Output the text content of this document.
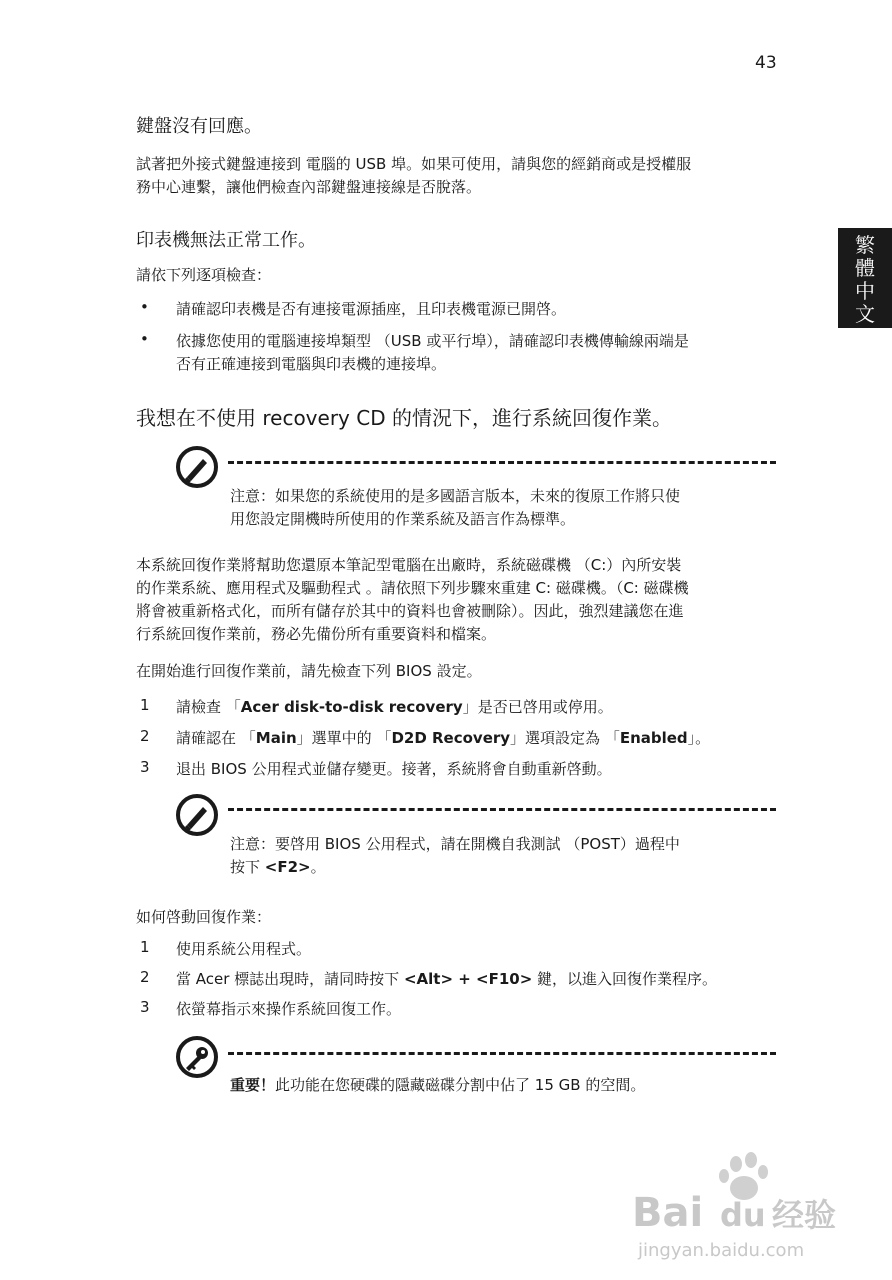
43
繁
體
中
文
鍵盤沒有回應。
試著把外接式鍵盤連接到 電腦的 USB 埠。如果可使用，請與您的經銷商或是授權服
務中心連繫，讓他們檢查內部鍵盤連接線是否脫落。
印表機無法正常工作。
請依下列逐項檢查：
• 請確認印表機是否有連接電源插座，且印表機電源已開啓。
• 依據您使用的電腦連接埠類型 （USB 或平行埠），請確認印表機傳輸線兩端是
否有正確連接到電腦與印表機的連接埠。
我想在不使用 recovery CD 的情況下，進行系統回復作業。
注意：如果您的系統使用的是多國語言版本，未來的復原工作將只使
用您設定開機時所使用的作業系統及語言作為標準。
本系統回復作業將幫助您還原本筆記型電腦在出廠時，系統磁碟機 （C:）內所安裝
的作業系統、應用程式及驅動程式 。請依照下列步驟來重建 C: 磁碟機。（C: 磁碟機
將會被重新格式化，而所有儲存於其中的資料也會被刪除）。因此，強烈建議您在進
行系統回復作業前，務必先備份所有重要資料和檔案。
在開始進行回復作業前，請先檢查下列 BIOS 設定。
1 請檢查 「Acer disk-to-disk recovery」是否已啓用或停用。
2 請確認在 「Main」選單中的 「D2D Recovery」選項設定為 「Enabled」。
3 退出 BIOS 公用程式並儲存變更。接著，系統將會自動重新啓動。
注意：要啓用 BIOS 公用程式，請在開機自我測試 （POST）過程中
按下 <F2>。
如何啓動回復作業：
1 使用系統公用程式。
2 當 Acer 標誌出現時，請同時按下 <Alt> + <F10> 鍵，以進入回復作業程序。
3 依螢幕指示來操作系統回復工作。
重要！此功能在您硬碟的隱藏磁碟分割中佔了 15 GB 的空間。
Bai du 经验
jingyan.baidu.com
